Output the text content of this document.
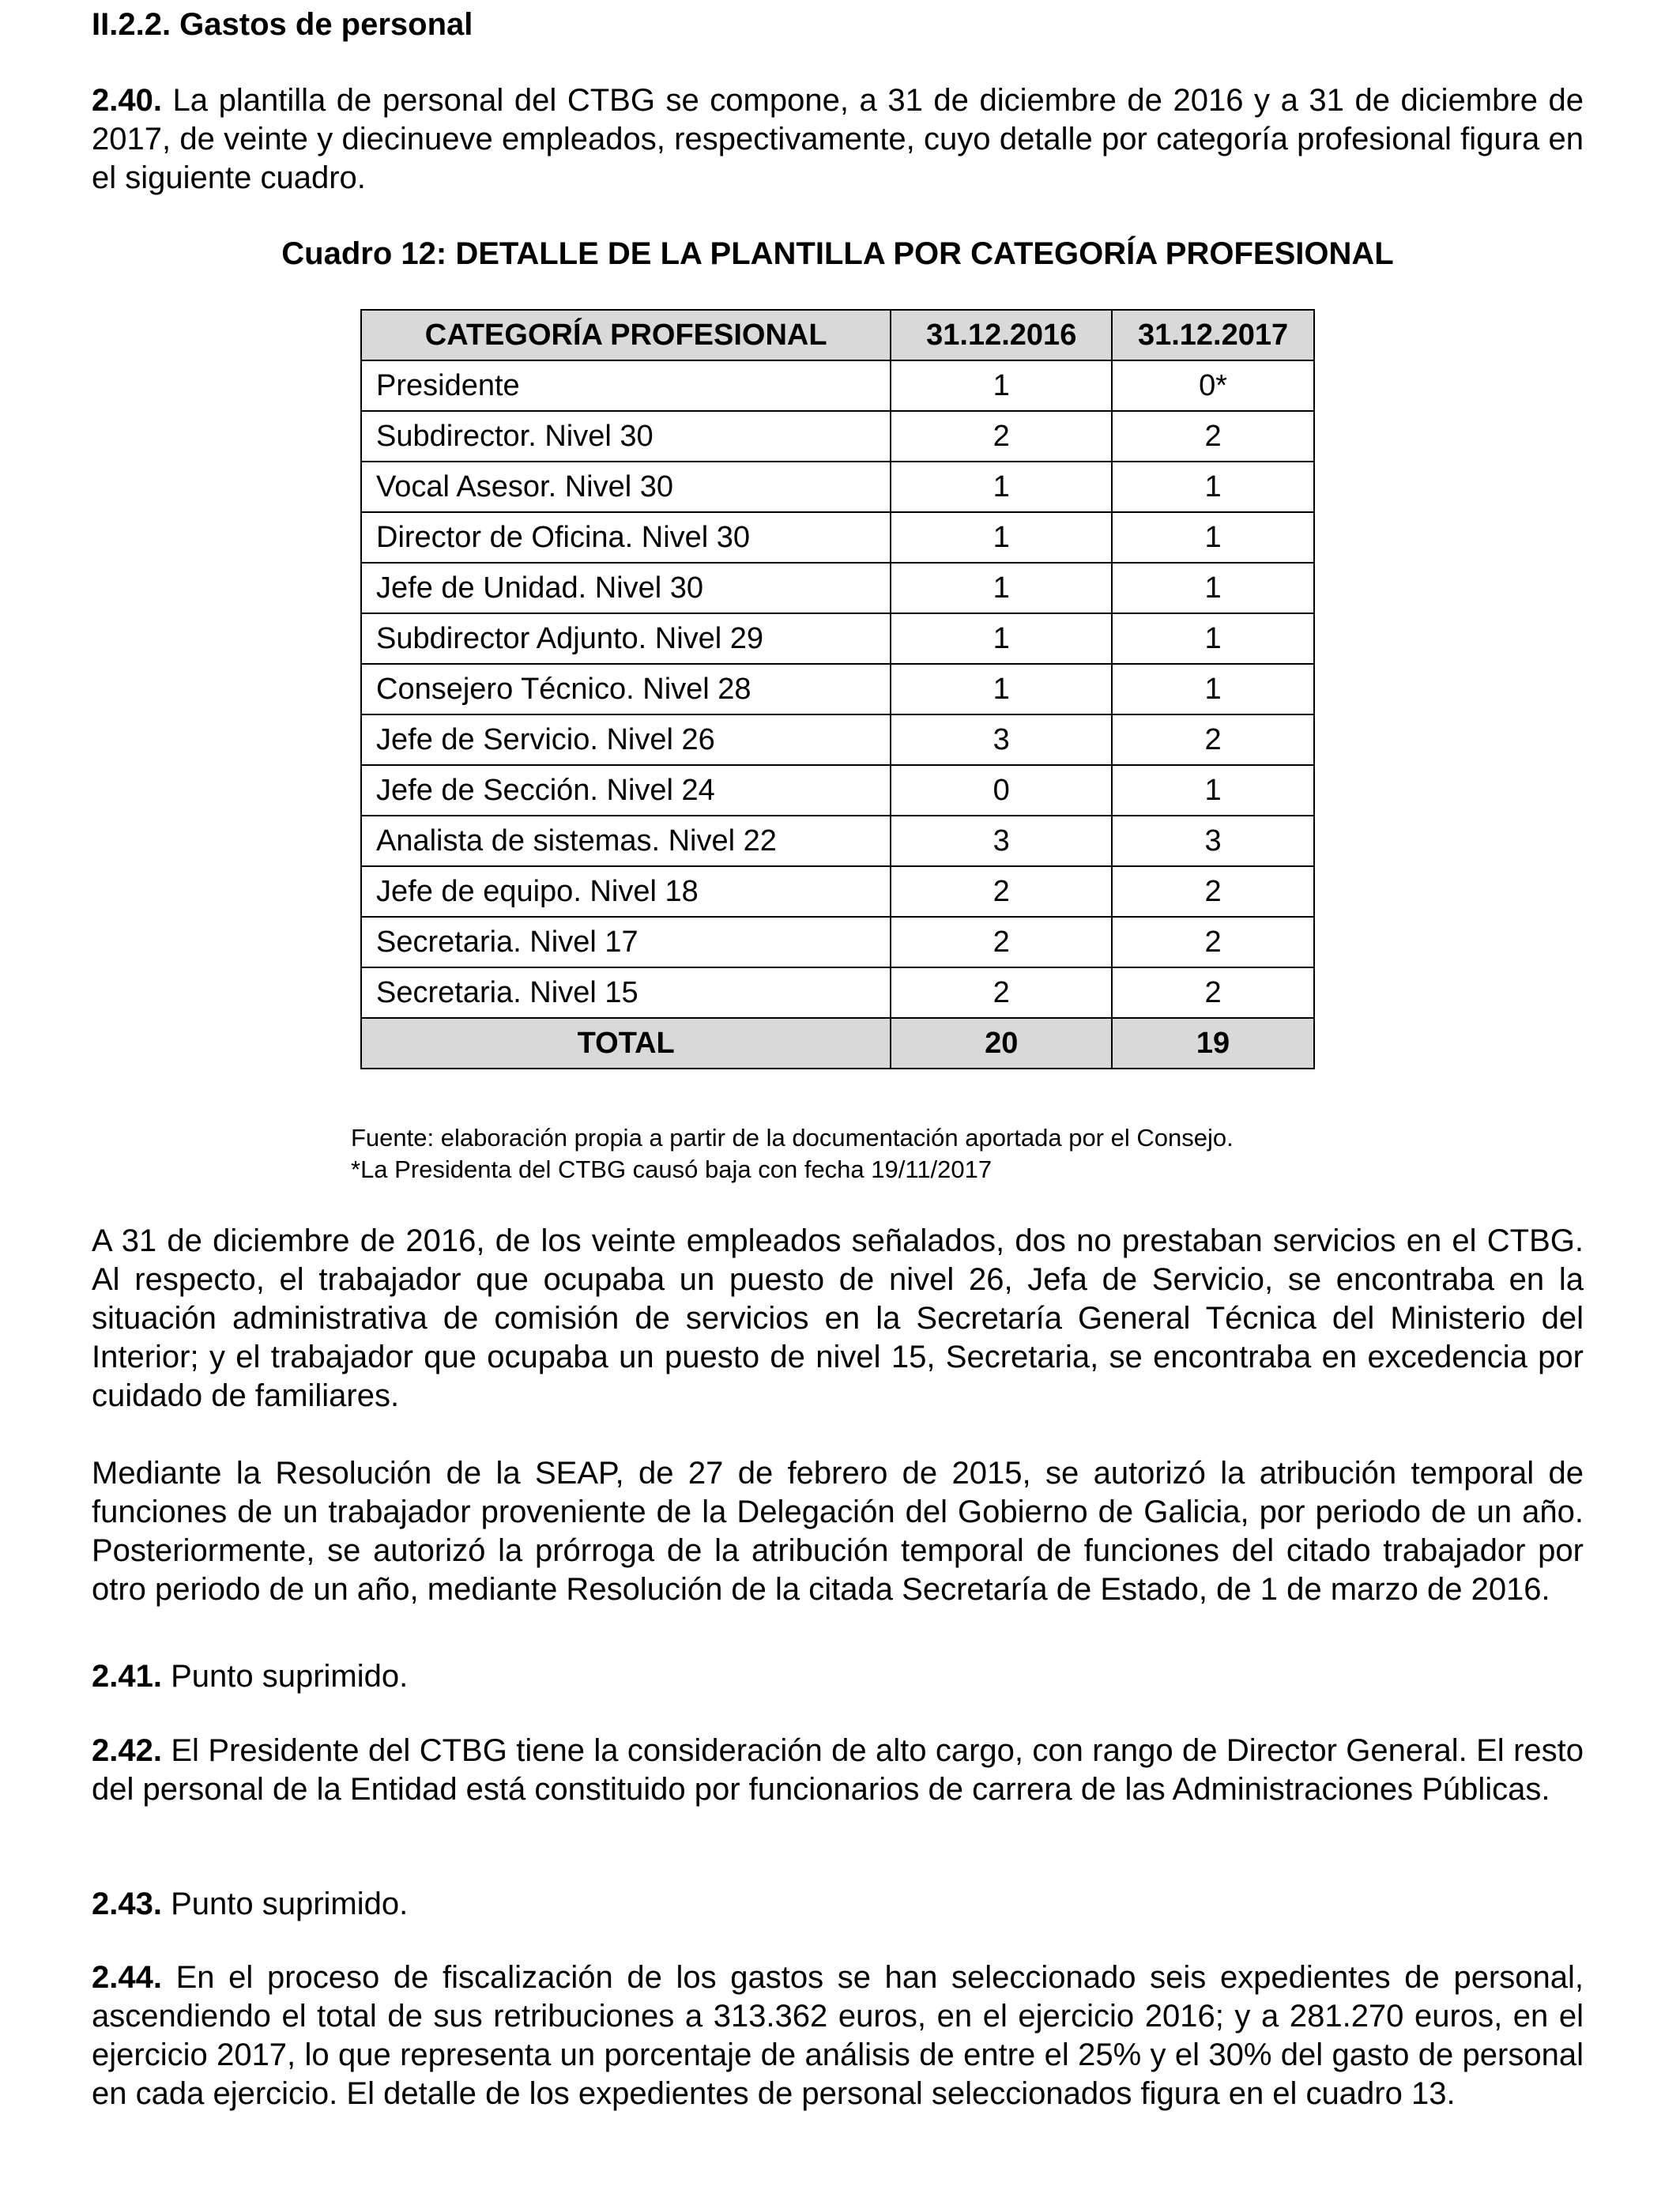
II.2.2. Gastos de personal
2.40. La plantilla de personal del CTBG se compone, a 31 de diciembre de 2016 y a 31 de diciembre de 2017, de veinte y diecinueve empleados, respectivamente, cuyo detalle por categoría profesional figura en el siguiente cuadro.
Cuadro 12: DETALLE DE LA PLANTILLA POR CATEGORÍA PROFESIONAL
CATEGORÍA PROFESIONAL	31.12.2016	31.12.2017
Presidente	1	0*
Subdirector. Nivel 30	2	2
Vocal Asesor. Nivel 30	1	1
Director de Oficina. Nivel 30	1	1
Jefe de Unidad. Nivel 30	1	1
Subdirector Adjunto. Nivel 29	1	1
Consejero Técnico. Nivel 28	1	1
Jefe de Servicio. Nivel 26	3	2
Jefe de Sección. Nivel 24	0	1
Analista de sistemas. Nivel 22	3	3
Jefe de equipo. Nivel 18	2	2
Secretaria. Nivel 17	2	2
Secretaria. Nivel 15	2	2
TOTAL	20	19
Fuente: elaboración propia a partir de la documentación aportada por el Consejo.
*La Presidenta del CTBG causó baja con fecha 19/11/2017
A 31 de diciembre de 2016, de los veinte empleados señalados, dos no prestaban servicios en el CTBG. Al respecto, el trabajador que ocupaba un puesto de nivel 26, Jefa de Servicio, se encontraba en la situación administrativa de comisión de servicios en la Secretaría General Técnica del Ministerio del Interior; y el trabajador que ocupaba un puesto de nivel 15, Secretaria, se encontraba en excedencia por cuidado de familiares.
Mediante la Resolución de la SEAP, de 27 de febrero de 2015, se autorizó la atribución temporal de funciones de un trabajador proveniente de la Delegación del Gobierno de Galicia, por periodo de un año. Posteriormente, se autorizó la prórroga de la atribución temporal de funciones del citado trabajador por otro periodo de un año, mediante Resolución de la citada Secretaría de Estado, de 1 de marzo de 2016.
2.41. Punto suprimido.
2.42. El Presidente del CTBG tiene la consideración de alto cargo, con rango de Director General. El resto del personal de la Entidad está constituido por funcionarios de carrera de las Administraciones Públicas.
2.43. Punto suprimido.
2.44. En el proceso de fiscalización de los gastos se han seleccionado seis expedientes de personal, ascendiendo el total de sus retribuciones a 313.362 euros, en el ejercicio 2016; y a 281.270 euros, en el ejercicio 2017, lo que representa un porcentaje de análisis de entre el 25% y el 30% del gasto de personal en cada ejercicio. El detalle de los expedientes de personal seleccionados figura en el cuadro 13.
